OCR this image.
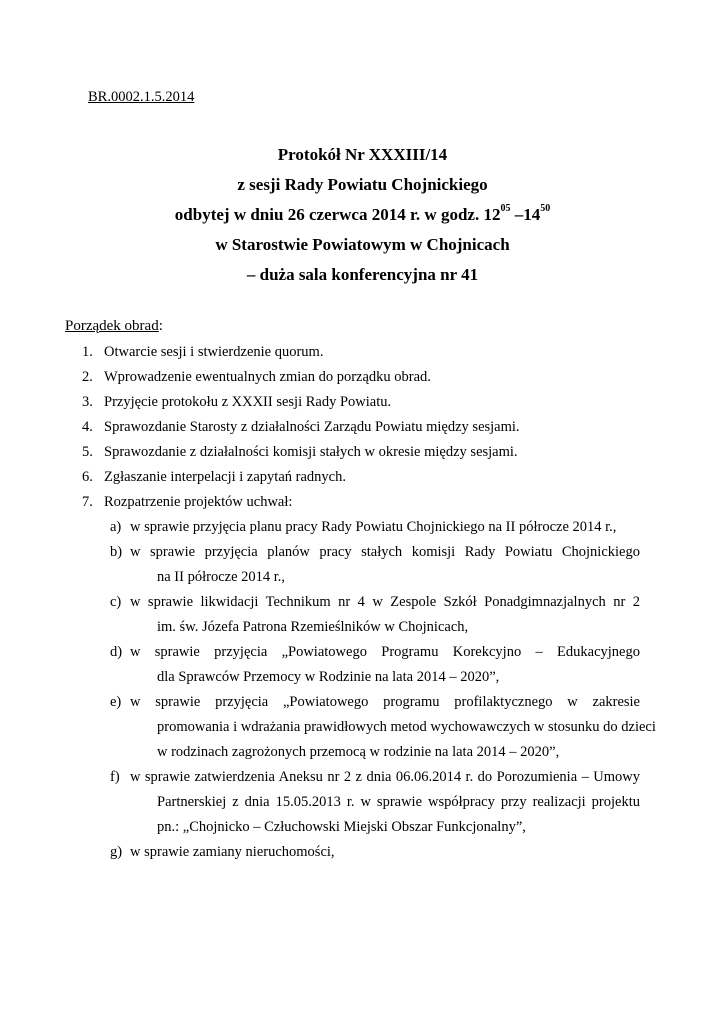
BR.0002.1.5.2014
Protokół Nr XXXIII/14
z sesji Rady Powiatu Chojnickiego
odbytej w dniu 26 czerwca 2014 r. w godz. $12^{05}$ $-14^{50}$
w Starostwie Powiatowym w Chojnicach
– duża sala konferencyjna nr 41
Porządek obrad:
1. Otwarcie sesji i stwierdzenie quorum.
2. Wprowadzenie ewentualnych zmian do porządku obrad.
3. Przyjęcie protokołu z XXXII sesji Rady Powiatu.
4. Sprawozdanie Starosty z działalności Zarządu Powiatu między sesjami.
5. Sprawozdanie z działalności komisji stałych w okresie między sesjami.
6. Zgłaszanie interpelacji i zapytań radnych.
7. Rozpatrzenie projektów uchwał:
a) w sprawie przyjęcia planu pracy Rady Powiatu Chojnickiego na II półrocze 2014 r.,
b) w sprawie przyjęcia planów pracy stałych komisji Rady Powiatu Chojnickiego
na II półrocze 2014 r.,
c) w sprawie likwidacji Technikum nr 4 w Zespole Szkół Ponadgimnazjalnych nr 2
im. św. Józefa Patrona Rzemieślników w Chojnicach,
d) w sprawie przyjęcia „Powiatowego Programu Korekcyjno – Edukacyjnego
dla Sprawców Przemocy w Rodzinie na lata 2014 – 2020”,
e) w sprawie przyjęcia „Powiatowego programu profilaktycznego w zakresie
promowania i wdrażania prawidłowych metod wychowawczych w stosunku do dzieci
w rodzinach zagrożonych przemocą w rodzinie na lata 2014 – 2020”,
f) w sprawie zatwierdzenia Aneksu nr 2 z dnia 06.06.2014 r. do Porozumienia – Umowy
Partnerskiej z dnia 15.05.2013 r. w sprawie współpracy przy realizacji projektu
pn.: „Chojnicko – Człuchowski Miejski Obszar Funkcjonalny”,
g) w sprawie zamiany nieruchomości,
